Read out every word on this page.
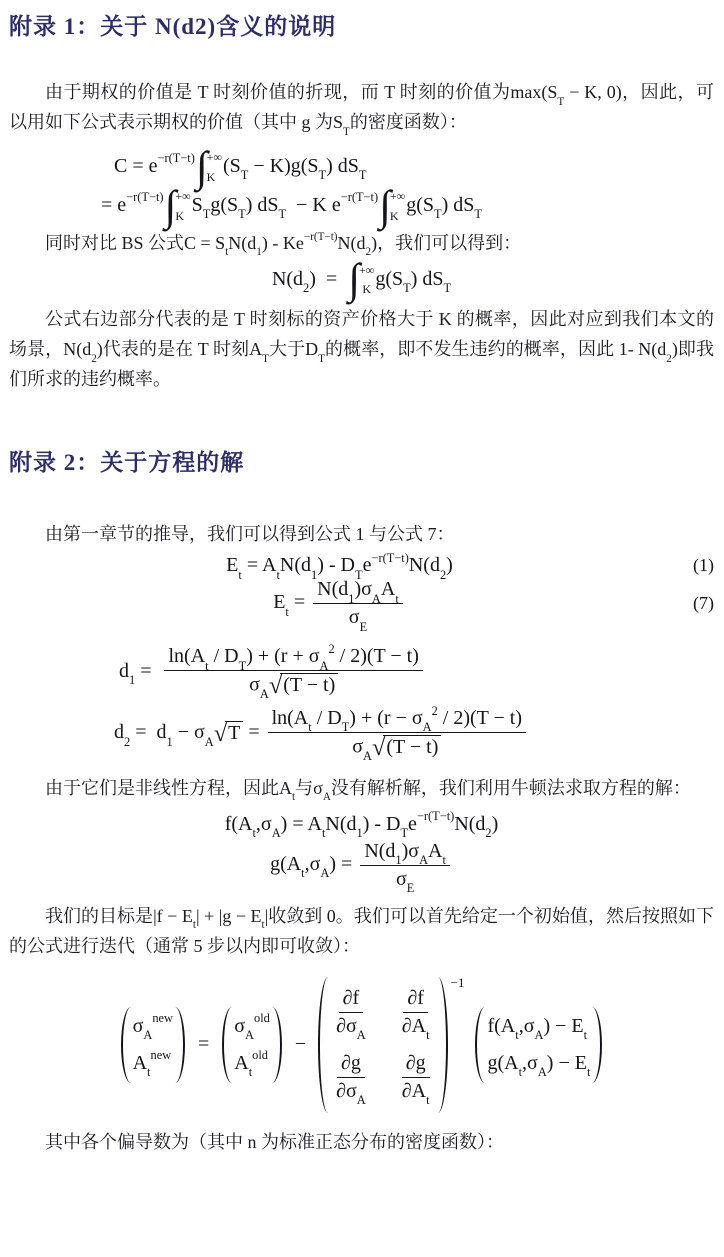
附录 1：关于 N(d2)含义的说明

由于期权的价值是 T 时刻价值的折现，而 T 时刻的价值为$\max(S_T - K$, 0)，因此，可以用如下公式表示期权的价值（其中 g 为$S_T$的密度函数）：

$C = e^{-r(T-t)}$ ∫ +∞
K $(S_T - K)g(S_T)$ $dS_T$
= $e^{-r(T-t)}$ ∫ +∞
K $S_Tg(S_T) dS_T - K$ $e^{-r(T-t)}$ ∫ +∞
K $g(S_T)$ $dS_T$

同时对比 BS 公式$C = S_tN(d_1) - Ke^{-r(T-t)}N(d_2)$，我们可以得到：

$N(d_2)$  = ∫ +∞
K $g(S_T)$ $dS_T$

公式右边部分代表的是 T 时刻标的资产价格大于 K 的概率，因此对应到我们本文的场景，$N(d_2)$代表的是在 T 时刻$A_T$大于$D_T$的概率，即不发生违约的概率，因此 1- $N(d_2)$即我们所求的违约概率。

附录 2：关于方程的解

由第一章节的推导，我们可以得到公式 1 与公式 7：

$E_t = A_tN(d_1) - D_Te^{-r(T-t)}N(d_2)$	(1)
$E_t = \frac{N(d_1)\sigma_AA_t}{\sigma_E}$	(7)
$d_1 = \frac{\ln(A_t / D_T) + (r + \sigma_A^2 / 2)(T - t)}{\sigma_A √ (T - t)}$
$d_2 = d_1 - \sigma_A$ √ $T = \frac{\ln(A_t / D_T) + (r - \sigma_A^2 / 2)(T - t)}{\sigma_A √ (T - t)}$

由于它们是非线性方程，因此$A_t$与$\sigma_A$没有解析解，我们利用牛顿法求取方程的解：

$f(A_t,\sigma_A) = A_tN(d_1) - D_Te^{-r(T-t)}N(d_2)$
$g(A_t,\sigma_A) = \frac{N(d_1)\sigma_AA_t}{\sigma_E}$

我们的目标是$|f - E_t| + |g - E_t|$收敛到 0。我们可以首先给定一个初始值，然后按照如下的公式进行迭代（通常 5 步以内即可收敛）：

$\sigma_A^{new}$
$A_t^{new}$ =
$\sigma_A^{old}$
$A_t^{old}$ −
$\frac{\partial f}{\partial\sigma_A} \frac{\partial f}{\partial A_t}$
$\frac{\partial g}{\partial\sigma_A} \frac{\partial g}{\partial A_t}$
−1
$f(A_t,\sigma_A) - E_t$
$g(A_t,\sigma_A) - E_t$

其中各个偏导数为（其中 n 为标准正态分布的密度函数）：
